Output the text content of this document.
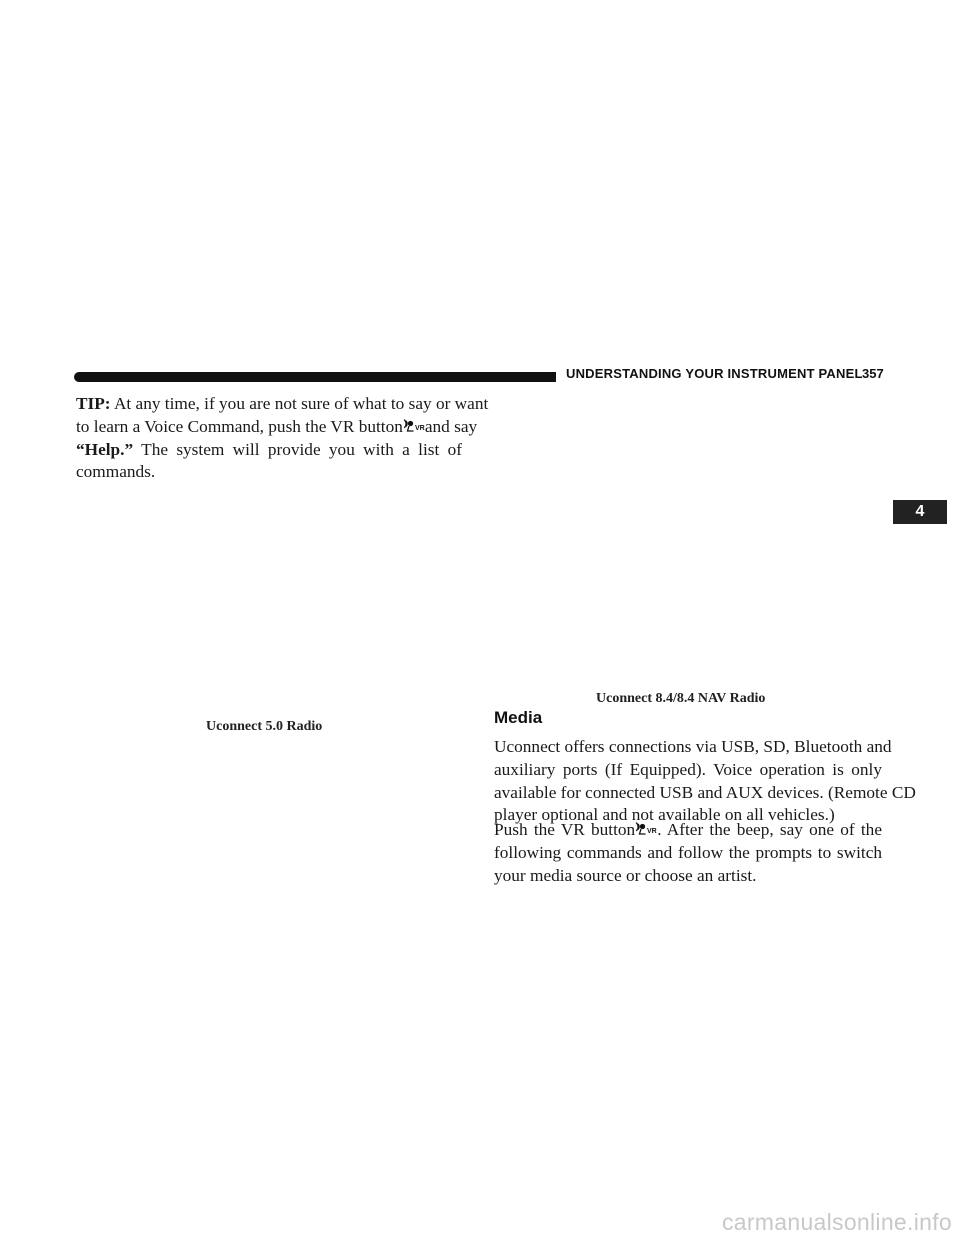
UNDERSTANDING YOUR INSTRUMENT PANEL 357
4
TIP: At any time, if you are not sure of what to say or want
to learn a Voice Command, push the VR button VR and say
“Help.” The system will provide you with a list of
commands.
Uconnect 5.0 Radio
Uconnect 8.4/8.4 NAV Radio
Media
Uconnect offers connections via USB, SD, Bluetooth and
auxiliary ports (If Equipped). Voice operation is only
available for connected USB and AUX devices. (Remote CD
player optional and not available on all vehicles.)
Push the VR button VR . After the beep, say one of the
following commands and follow the prompts to switch
your media source or choose an artist.
carmanualsonline.info
